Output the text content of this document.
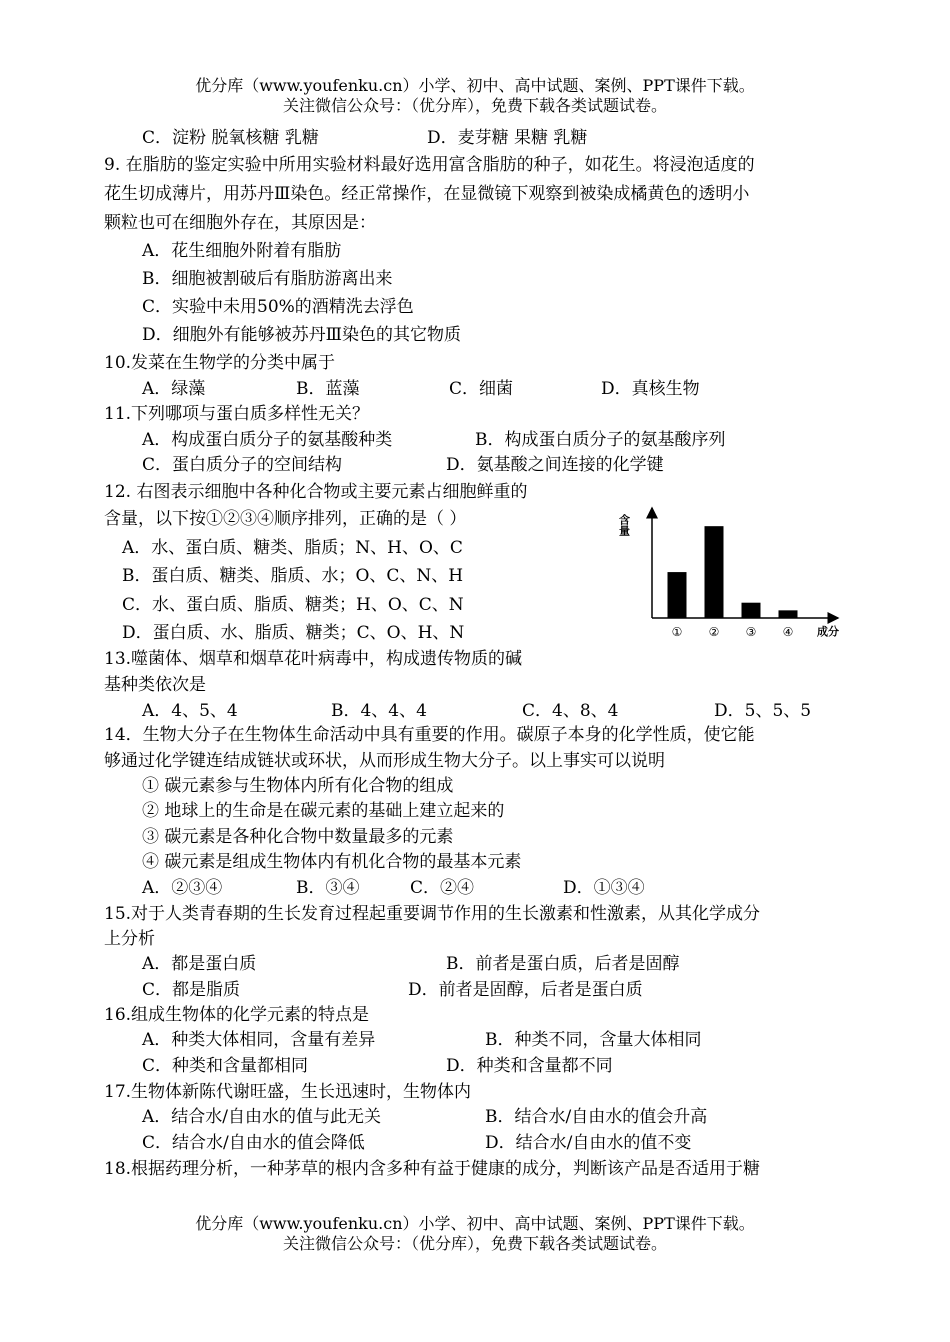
优分库（www.youfenku.cn）小学、初中、高中试题、案例、PPT课件下载。
关注微信公众号：（优分库），免费下载各类试题试卷。
C．淀粉 脱氧核糖 乳糖	D．麦芽糖 果糖 乳糖
9. 在脂肪的鉴定实验中所用实验材料最好选用富含脂肪的种子，如花生。将浸泡适度的
花生切成薄片，用苏丹Ⅲ染色。经正常操作，在显微镜下观察到被染成橘黄色的透明小
颗粒也可在细胞外存在，其原因是：
A．花生细胞外附着有脂肪
B．细胞被割破后有脂肪游离出来
C．实验中未用50%的酒精洗去浮色
D．细胞外有能够被苏丹Ⅲ染色的其它物质
10.发菜在生物学的分类中属于
A．绿藻	B．蓝藻	C．细菌	D．真核生物
11.下列哪项与蛋白质多样性无关？
A．构成蛋白质分子的氨基酸种类	B．构成蛋白质分子的氨基酸序列
C．蛋白质分子的空间结构	D．氨基酸之间连接的化学键
12. 右图表示细胞中各种化合物或主要元素占细胞鲜重的
含量，以下按①②③④顺序排列，正确的是（ ）
A．水、蛋白质、糖类、脂质；N、H、O、C
B．蛋白质、糖类、脂质、水；O、C、N、H
C．水、蛋白质、脂质、糖类；H、O、C、N
D．蛋白质、水、脂质、糖类；C、O、H、N
含量
成分
① ② ③ ④
13.噬菌体、烟草和烟草花叶病毒中，构成遗传物质的碱
基种类依次是
A．4、5、4	B．4、4、4	C．4、8、4	D．5、5、5
14．生物大分子在生物体生命活动中具有重要的作用。碳原子本身的化学性质，使它能
够通过化学键连结成链状或环状，从而形成生物大分子。以上事实可以说明
① 碳元素参与生物体内所有化合物的组成
② 地球上的生命是在碳元素的基础上建立起来的
③ 碳元素是各种化合物中数量最多的元素
④ 碳元素是组成生物体内有机化合物的最基本元素
A．②③④	B．③④	C．②④	D．①③④
15.对于人类青春期的生长发育过程起重要调节作用的生长激素和性激素，从其化学成分
上分析
A．都是蛋白质	B．前者是蛋白质，后者是固醇
C．都是脂质	D．前者是固醇，后者是蛋白质
16.组成生物体的化学元素的特点是
A．种类大体相同，含量有差异	B．种类不同，含量大体相同
C．种类和含量都相同	D．种类和含量都不同
17.生物体新陈代谢旺盛，生长迅速时，生物体内
A．结合水/自由水的值与此无关	B．结合水/自由水的值会升高
C．结合水/自由水的值会降低	D．结合水/自由水的值不变
18.根据药理分析，一种茅草的根内含多种有益于健康的成分，判断该产品是否适用于糖
优分库（www.youfenku.cn）小学、初中、高中试题、案例、PPT课件下载。
关注微信公众号：（优分库），免费下载各类试题试卷。
